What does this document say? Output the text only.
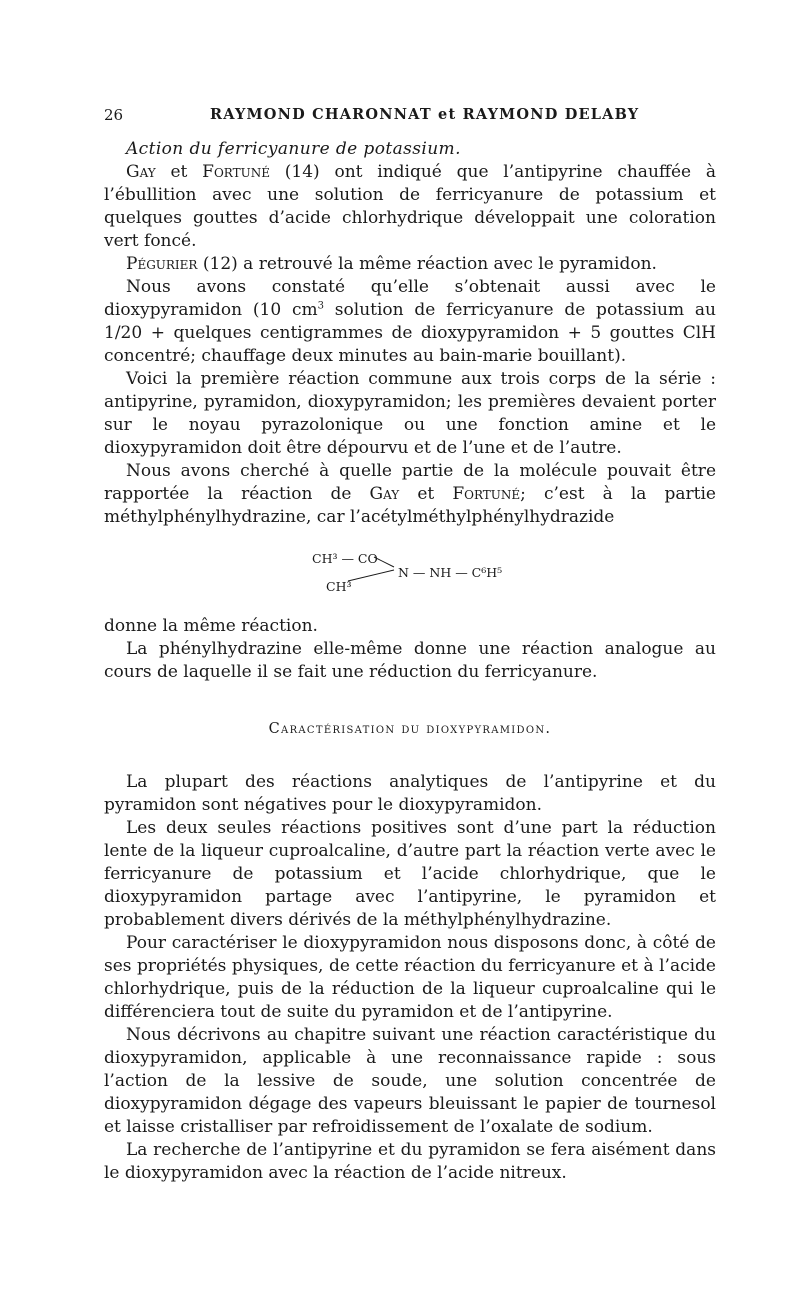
26	RAYMOND CHARONNAT et RAYMOND DELABY

Action du ferricyanure de potassium.

Gay et Fortuné (14) ont indiqué que l’antipyrine chauffée à l’ébullition avec une solution de ferricyanure de potassium et quelques gouttes d’acide chlorhydrique développait une coloration vert foncé.

Pégurier (12) a retrouvé la même réaction avec le pyramidon.

Nous avons constaté qu’elle s’obtenait aussi avec le dioxypyramidon (10 $cm^3$ solution de ferricyanure de potassium au 1/20 + quelques centigrammes de dioxypyramidon + 5 gouttes ClH concentré; chauffage deux minutes au bain-marie bouillant).

Voici la première réaction commune aux trois corps de la série : antipyrine, pyramidon, dioxypyramidon; les premières devaient porter sur le noyau pyrazolonique ou une fonction amine et le dioxypyramidon doit être dépourvu et de l’une et de l’autre.

Nous avons cherché à quelle partie de la molécule pouvait être rapportée la réaction de Gay et Fortuné; c’est à la partie méthylphénylhydrazine, car l’acétylméthylphénylhydrazide

CH³ — CO
CH³
N — NH — C⁶H⁵

donne la même réaction.

La phénylhydrazine elle-même donne une réaction analogue au cours de laquelle il se fait une réduction du ferricyanure.

Caractérisation du dioxypyramidon.

La plupart des réactions analytiques de l’antipyrine et du pyramidon sont négatives pour le dioxypyramidon.

Les deux seules réactions positives sont d’une part la réduction lente de la liqueur cuproalcaline, d’autre part la réaction verte avec le ferricyanure de potassium et l’acide chlorhydrique, que le dioxypyramidon partage avec l’antipyrine, le pyramidon et probablement divers dérivés de la méthylphénylhydrazine.

Pour caractériser le dioxypyramidon nous disposons donc, à côté de ses propriétés physiques, de cette réaction du ferricyanure et à l’acide chlorhydrique, puis de la réduction de la liqueur cuproalcaline qui le différenciera tout de suite du pyramidon et de l’antipyrine.

Nous décrivons au chapitre suivant une réaction caractéristique du dioxypyramidon, applicable à une reconnaissance rapide : sous l’action de la lessive de soude, une solution concentrée de dioxypyramidon dégage des vapeurs bleuissant le papier de tournesol et laisse cristalliser par refroidissement de l’oxalate de sodium.

La recherche de l’antipyrine et du pyramidon se fera aisément dans le dioxypyramidon avec la réaction de l’acide nitreux.
